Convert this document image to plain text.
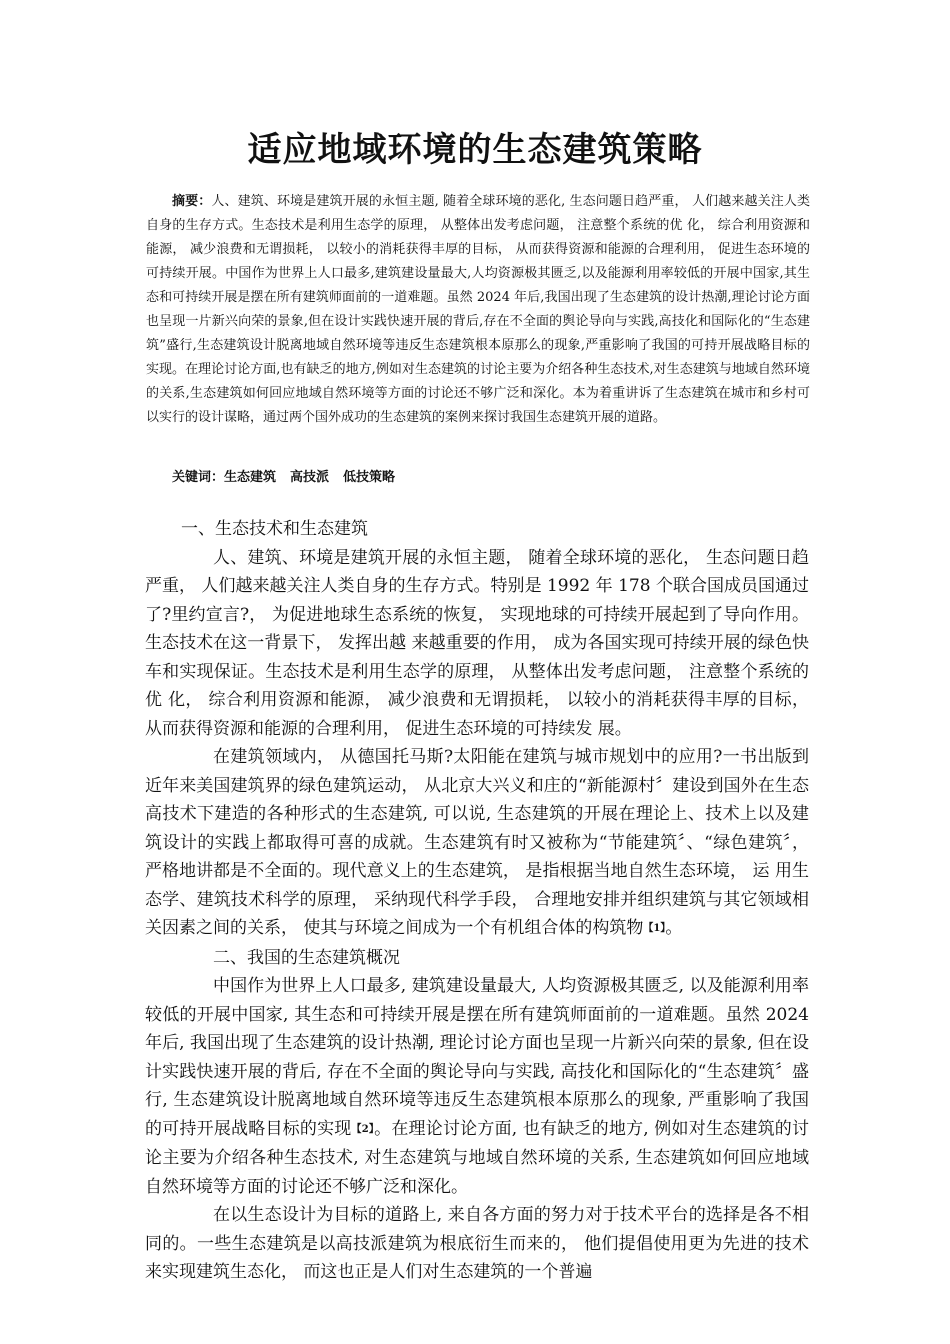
适应地域环境的生态建筑策略

摘要：人、建筑、环境是建筑开展的永恒主题, 随着全球环境的恶化, 生态问题日趋严重， 人们越来越关注人类自身的生存方式。生态技术是利用生态学的原理， 从整体出发考虑问题， 注意整个系统的优 化， 综合利用资源和能源， 减少浪费和无谓损耗， 以较小的消耗获得丰厚的目标， 从而获得资源和能源的合理利用， 促进生态环境的可持续开展。中国作为世界上人口最多,建筑建设量最大,人均资源极其匮乏,以及能源利用率较低的开展中国家,其生态和可持续开展是摆在所有建筑师面前的一道难题。虽然 2024 年后,我国出现了生态建筑的设计热潮,理论讨论方面也呈现一片新兴向荣的景象,但在设计实践快速开展的背后,存在不全面的舆论导向与实践,高技化和国际化的“生态建筑”盛行,生态建筑设计脱离地域自然环境等违反生态建筑根本原那么的现象,严重影响了我国的可持开展战略目标的实现。在理论讨论方面,也有缺乏的地方,例如对生态建筑的讨论主要为介绍各种生态技术,对生态建筑与地域自然环境的关系,生态建筑如何回应地域自然环境等方面的讨论还不够广泛和深化。本为着重讲诉了生态建筑在城市和乡村可以实行的设计谋略，通过两个国外成功的生态建筑的案例来探讨我国生态建筑开展的道路。

关键词：生态建筑 高技派 低技策略

一、生态技术和生态建筑

人、建筑、环境是建筑开展的永恒主题， 随着全球环境的恶化， 生态问题日趋严重， 人们越来越关注人类自身的生存方式。特别是 1992 年 178 个联合国成员国通过了?里约宣言?， 为促进地球生态系统的恢复， 实现地球的可持续开展起到了导向作用。生态技术在这一背景下， 发挥出越 来越重要的作用， 成为各国实现可持续开展的绿色快车和实现保证。生态技术是利用生态学的原理， 从整体出发考虑问题， 注意整个系统的优 化， 综合利用资源和能源， 减少浪费和无谓损耗， 以较小的消耗获得丰厚的目标， 从而获得资源和能源的合理利用， 促进生态环境的可持续发 展。

在建筑领域内， 从德国托马斯?太阳能在建筑与城市规划中的应用?一书出版到近年来美国建筑界的绿色建筑运动， 从北京大兴义和庄的“新能源村〞建设到国外在生态高技术下建造的各种形式的生态建筑, 可以说, 生态建筑的开展在理论上、技术上以及建筑设计的实践上都取得可喜的成就。生态建筑有时又被称为“节能建筑〞、“绿色建筑〞， 严格地讲都是不全面的。现代意义上的生态建筑， 是指根据当地自然生态环境， 运 用生态学、建筑技术科学的原理， 采纳现代科学手段， 合理地安排并组织建筑与其它领域相关因素之间的关系， 使其与环境之间成为一个有机组合体的构筑物【1】。

二、我国的生态建筑概况

中国作为世界上人口最多, 建筑建设量最大, 人均资源极其匮乏, 以及能源利用率较低的开展中国家, 其生态和可持续开展是摆在所有建筑师面前的一道难题。虽然 2024 年后, 我国出现了生态建筑的设计热潮, 理论讨论方面也呈现一片新兴向荣的景象, 但在设计实践快速开展的背后, 存在不全面的舆论导向与实践, 高技化和国际化的“生态建筑〞盛行, 生态建筑设计脱离地域自然环境等违反生态建筑根本原那么的现象, 严重影响了我国的可持开展战略目标的实现【2】。在理论讨论方面, 也有缺乏的地方, 例如对生态建筑的讨论主要为介绍各种生态技术, 对生态建筑与地域自然环境的关系, 生态建筑如何回应地域自然环境等方面的讨论还不够广泛和深化。

在以生态设计为目标的道路上, 来自各方面的努力对于技术平台的选择是各不相同的。一些生态建筑是以高技派建筑为根底衍生而来的， 他们提倡使用更为先进的技术来实现建筑生态化， 而这也正是人们对生态建筑的一个普遍
